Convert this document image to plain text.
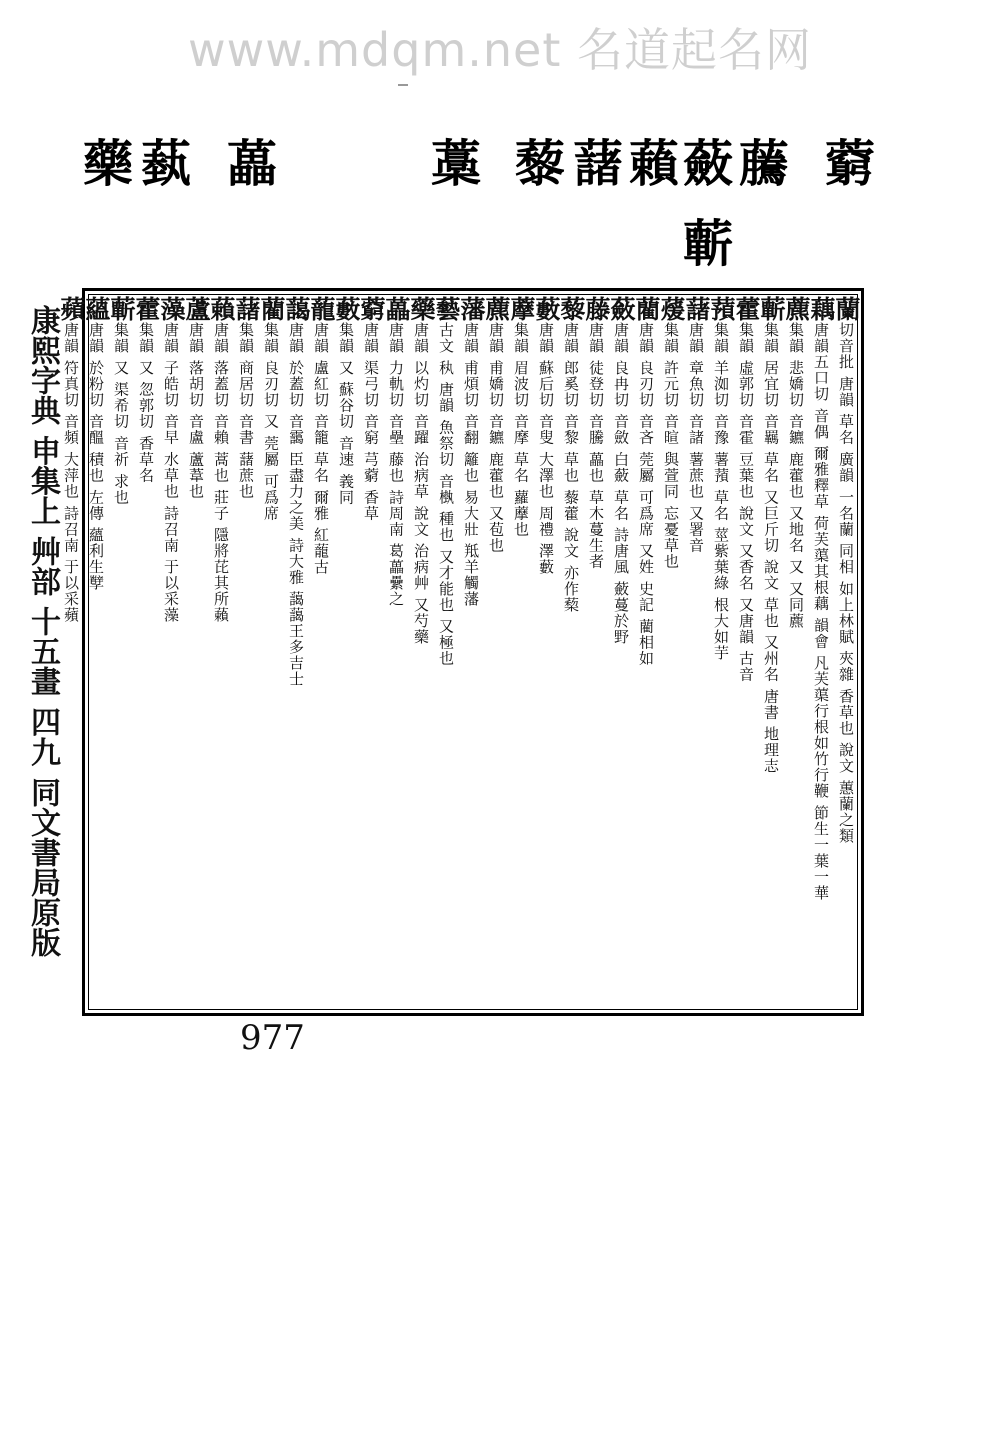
www.mdqm.net 名道起名网
藥 蓺 藟	藁 藜 藷 藾 蘞 虅
蘄
藭
蘭切音批 唐韻 草名 廣韻 一名蘭 同相 如上林賦 夾雜 香草也 說文 蕙蘭之類
藕唐韻五口切 音偶 爾雅釋草 荷芙蕖其根藕 韻會 凡芙蕖行根如竹行鞭 節生一葉一華
藨集韻 悲嬌切 音鑣 鹿藿也 又地名 又 又同藨
蘄集韻 居宜切 音羈 草名 又巨斤切 說文 草也 又州名 唐書 地理志
藿集韻 虛郭切 音霍 豆葉也 說文 又香名 又唐韻 古音
蕷集韻 羊洳切 音豫 薯蕷 草名 莖紫葉綠 根大如芋
藷唐韻 章魚切 音諸 薯蔗也 又署音
蕿集韻 許元切 音暄 與萱同 忘憂草也
藺唐韻 良刃切 音吝 莞屬 可爲席 又姓 史記 藺相如
蘞唐韻 良冉切 音斂 白蘞 草名 詩唐風 蘞蔓於野
藤唐韻 徒登切 音騰 藟也 草木蔓生者
藜唐韻 郎奚切 音黎 草也 藜藿 說文 亦作蔾
藪唐韻 蘇后切 音叟 大澤也 周禮 澤藪
藦集韻 眉波切 音摩 草名 蘿藦也
藨唐韻 甫嬌切 音鑣 鹿藿也 又苞也
藩唐韻 甫煩切 音翻 籬也 易大壯 羝羊觸藩
藝古文 秇 唐韻 魚祭切 音槸 種也 又才能也 又極也
藥唐韻 以灼切 音躍 治病草 說文 治病艸 又芍藥
藟唐韻 力軌切 音壘 藤也 詩周南 葛藟纍之
藭唐韻 渠弓切 音窮 芎藭 香草
藪集韻 又 蘇谷切 音速 義同
蘢唐韻 盧紅切 音籠 草名 爾雅 紅蘢古
藹唐韻 於蓋切 音靄 臣盡力之美 詩大雅 藹藹王多吉士
藺集韻 良刃切 又 莞屬 可爲席
藷集韻 商居切 音書 藷蔗也
藾唐韻 落蓋切 音賴 蒿也 莊子 隱將芘其所藾
蘆唐韻 落胡切 音盧 蘆葦也
藻唐韻 子皓切 音早 水草也 詩召南 于以采藻
藿集韻 又 忽郭切 香草名
蘄集韻 又 渠希切 音祈 求也
蘊唐韻 於粉切 音醞 積也 左傳 蘊利生孼
蘋唐韻 符真切 音頻 大萍也 詩召南 于以采蘋
康熙字典 申集上 艸部 十五畫 四九 同文書局原版
977
